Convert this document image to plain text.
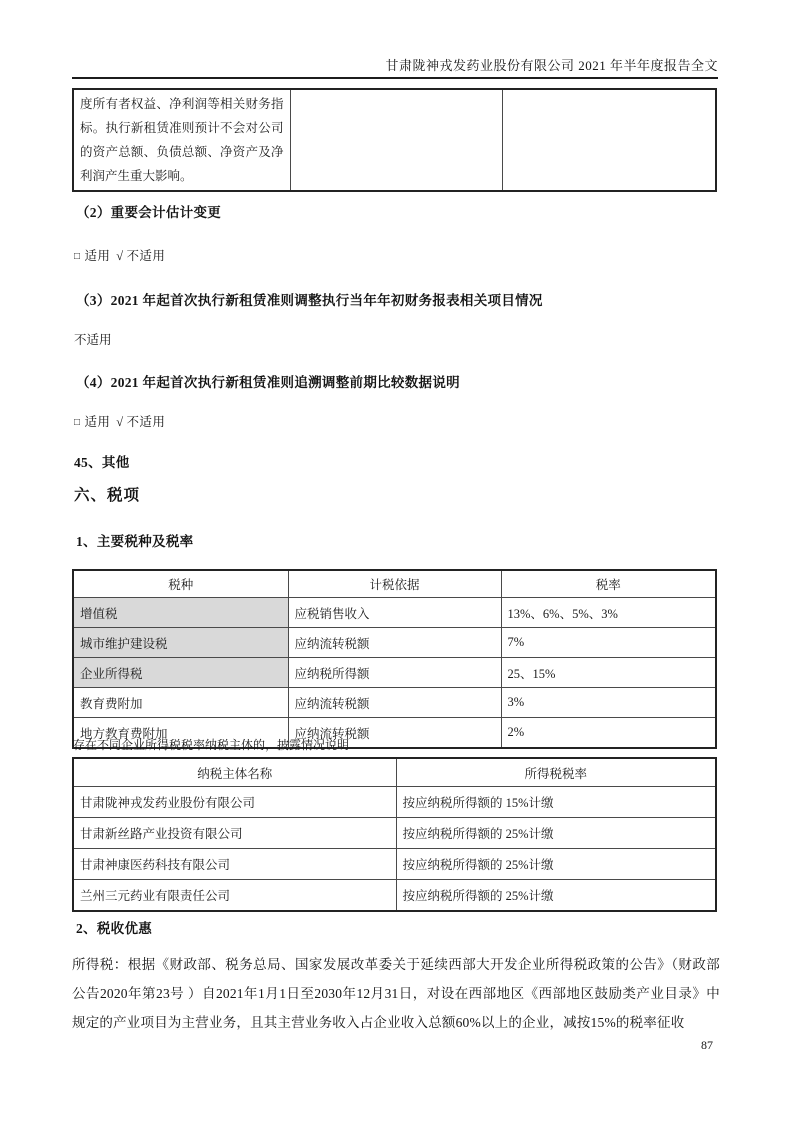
甘肃陇神戎发药业股份有限公司 2021 年半年度报告全文
度所有者权益、净利润等相关财务指标。执行新租赁准则预计不会对公司的资产总额、负债总额、净资产及净利润产生重大影响。		
（2）重要会计估计变更
□ 适用 √ 不适用
（3）2021 年起首次执行新租赁准则调整执行当年年初财务报表相关项目情况
不适用
（4）2021 年起首次执行新租赁准则追溯调整前期比较数据说明
□ 适用 √ 不适用
45、其他
六、税项
1、主要税种及税率
税种	计税依据	税率
增值税	应税销售收入	13%、6%、5%、3%
城市维护建设税	应纳流转税额	7%
企业所得税	应纳税所得额	25、15%
教育费附加	应纳流转税额	3%
地方教育费附加	应纳流转税额	2%
存在不同企业所得税税率纳税主体的，披露情况说明
纳税主体名称	所得税税率
甘肃陇神戎发药业股份有限公司	按应纳税所得额的 15%计缴
甘肃新丝路产业投资有限公司	按应纳税所得额的 25%计缴
甘肃神康医药科技有限公司	按应纳税所得额的 25%计缴
兰州三元药业有限责任公司	按应纳税所得额的 25%计缴
2、税收优惠
所得税：根据《财政部、税务总局、国家发展改革委关于延续西部大开发企业所得税政策的公告》（财政部公告2020年第23号 ）自2021年1月1日至2030年12月31日，对设在西部地区《西部地区鼓励类产业目录》中规定的产业项目为主营业务，且其主营业务收入占企业收入总额60%以上的企业，减按15%的税率征收
87
